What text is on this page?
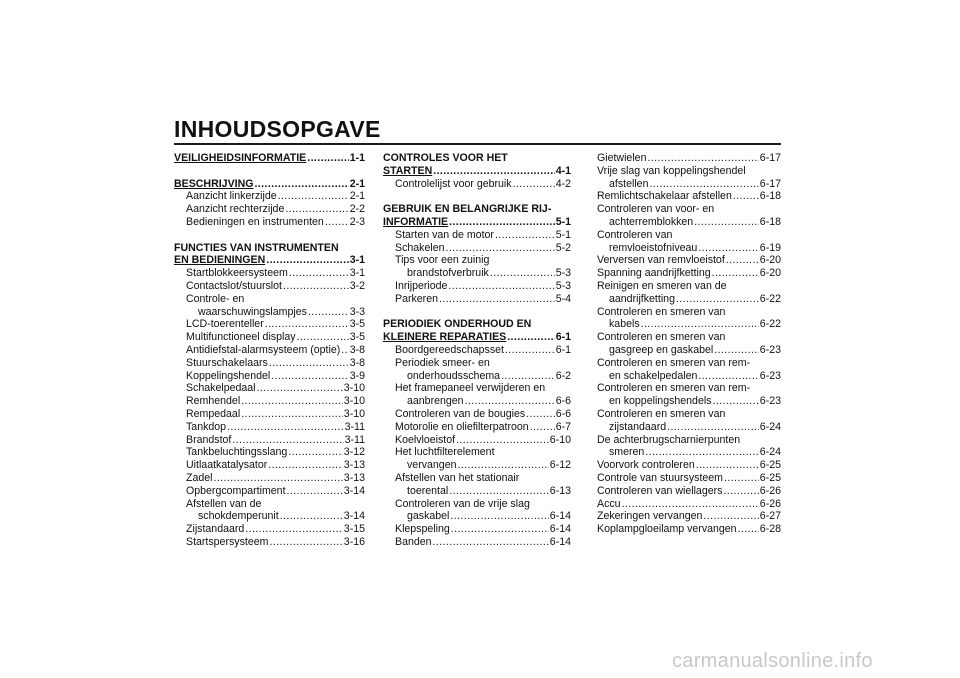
INHOUDSOPGAVE
VEILIGHEIDSINFORMATIE .....	1-1
BESCHRIJVING .....	2-1
Aanzicht linkerzijde .....	2-1
Aanzicht rechterzijde .....	2-2
Bedieningen en instrumenten ..... 2-3
FUNCTIES VAN INSTRUMENTEN
EN BEDIENINGEN .....	3-1
Startblokkeersysteem .....	3-1
Contactslot/stuurslot .....	3-2
Controle- en
waarschuwingslampjes .....	3-3
LCD-toerenteller .....	3-5
Multifunctioneel display .....	3-5
Antidiefstal-alarmsysteem (optie) ..... 3-8
Stuurschakelaars .....	3-8
Koppelingshendel .....	3-9
Schakelpedaal .....	3-10
Remhendel .....	3-10
Rempedaal .....	3-10
Tankdop .....	3-11
Brandstof .....	3-11
Tankbeluchtingsslang .....	3-12
Uitlaatkatalysator .....	3-13
Zadel .....	3-13
Opbergcompartiment .....	3-14
Afstellen van de
schokdemperunit .....	3-14
Zijstandaard .....	3-15
Startspersysteem .....	3-16
CONTROLES VOOR HET
STARTEN .....	4-1
Controlelijst voor gebruik .....	4-2
GEBRUIK EN BELANGRIJKE RIJ-
INFORMATIE .....	5-1
Starten van de motor .....	5-1
Schakelen .....	5-2
Tips voor een zuinig
brandstofverbruik .....	5-3
Inrijperiode .....	5-3
Parkeren .....	5-4
PERIODIEK ONDERHOUD EN
KLEINERE REPARATIES .....	6-1
Boordgereedschapsset .....	6-1
Periodiek smeer- en
onderhoudsschema .....	6-2
Het framepaneel verwijderen en
aanbrengen .....	6-6
Controleren van de bougies .....	6-6
Motorolie en oliefilterpatroon .....	6-7
Koelvloeistof .....	6-10
Het luchtfilterelement
vervangen .....	6-12
Afstellen van het stationair
toerental .....	6-13
Controleren van de vrije slag
gaskabel .....	6-14
Klepspeling .....	6-14
Banden .....	6-14
Gietwielen .....	6-17
Vrije slag van koppelingshendel
afstellen .....	6-17
Remlichtschakelaar afstellen .....	6-18
Controleren van voor- en
achterremblokken .....	6-18
Controleren van
remvloeistofniveau .....	6-19
Verversen van remvloeistof .....	6-20
Spanning aandrijfketting .....	6-20
Reinigen en smeren van de
aandrijfketting .....	6-22
Controleren en smeren van
kabels .....	6-22
Controleren en smeren van
gasgreep en gaskabel .....	6-23
Controleren en smeren van rem-
en schakelpedalen .....	6-23
Controleren en smeren van rem-
en koppelingshendels .....	6-23
Controleren en smeren van
zijstandaard .....	6-24
De achterbrugscharnierpunten
smeren .....	6-24
Voorvork controleren .....	6-25
Controle van stuursysteem .....	6-25
Controleren van wiellagers .....	6-26
Accu .....	6-26
Zekeringen vervangen .....	6-27
Koplampgloeilamp vervangen ..... 6-28
carmanualsonline.info
